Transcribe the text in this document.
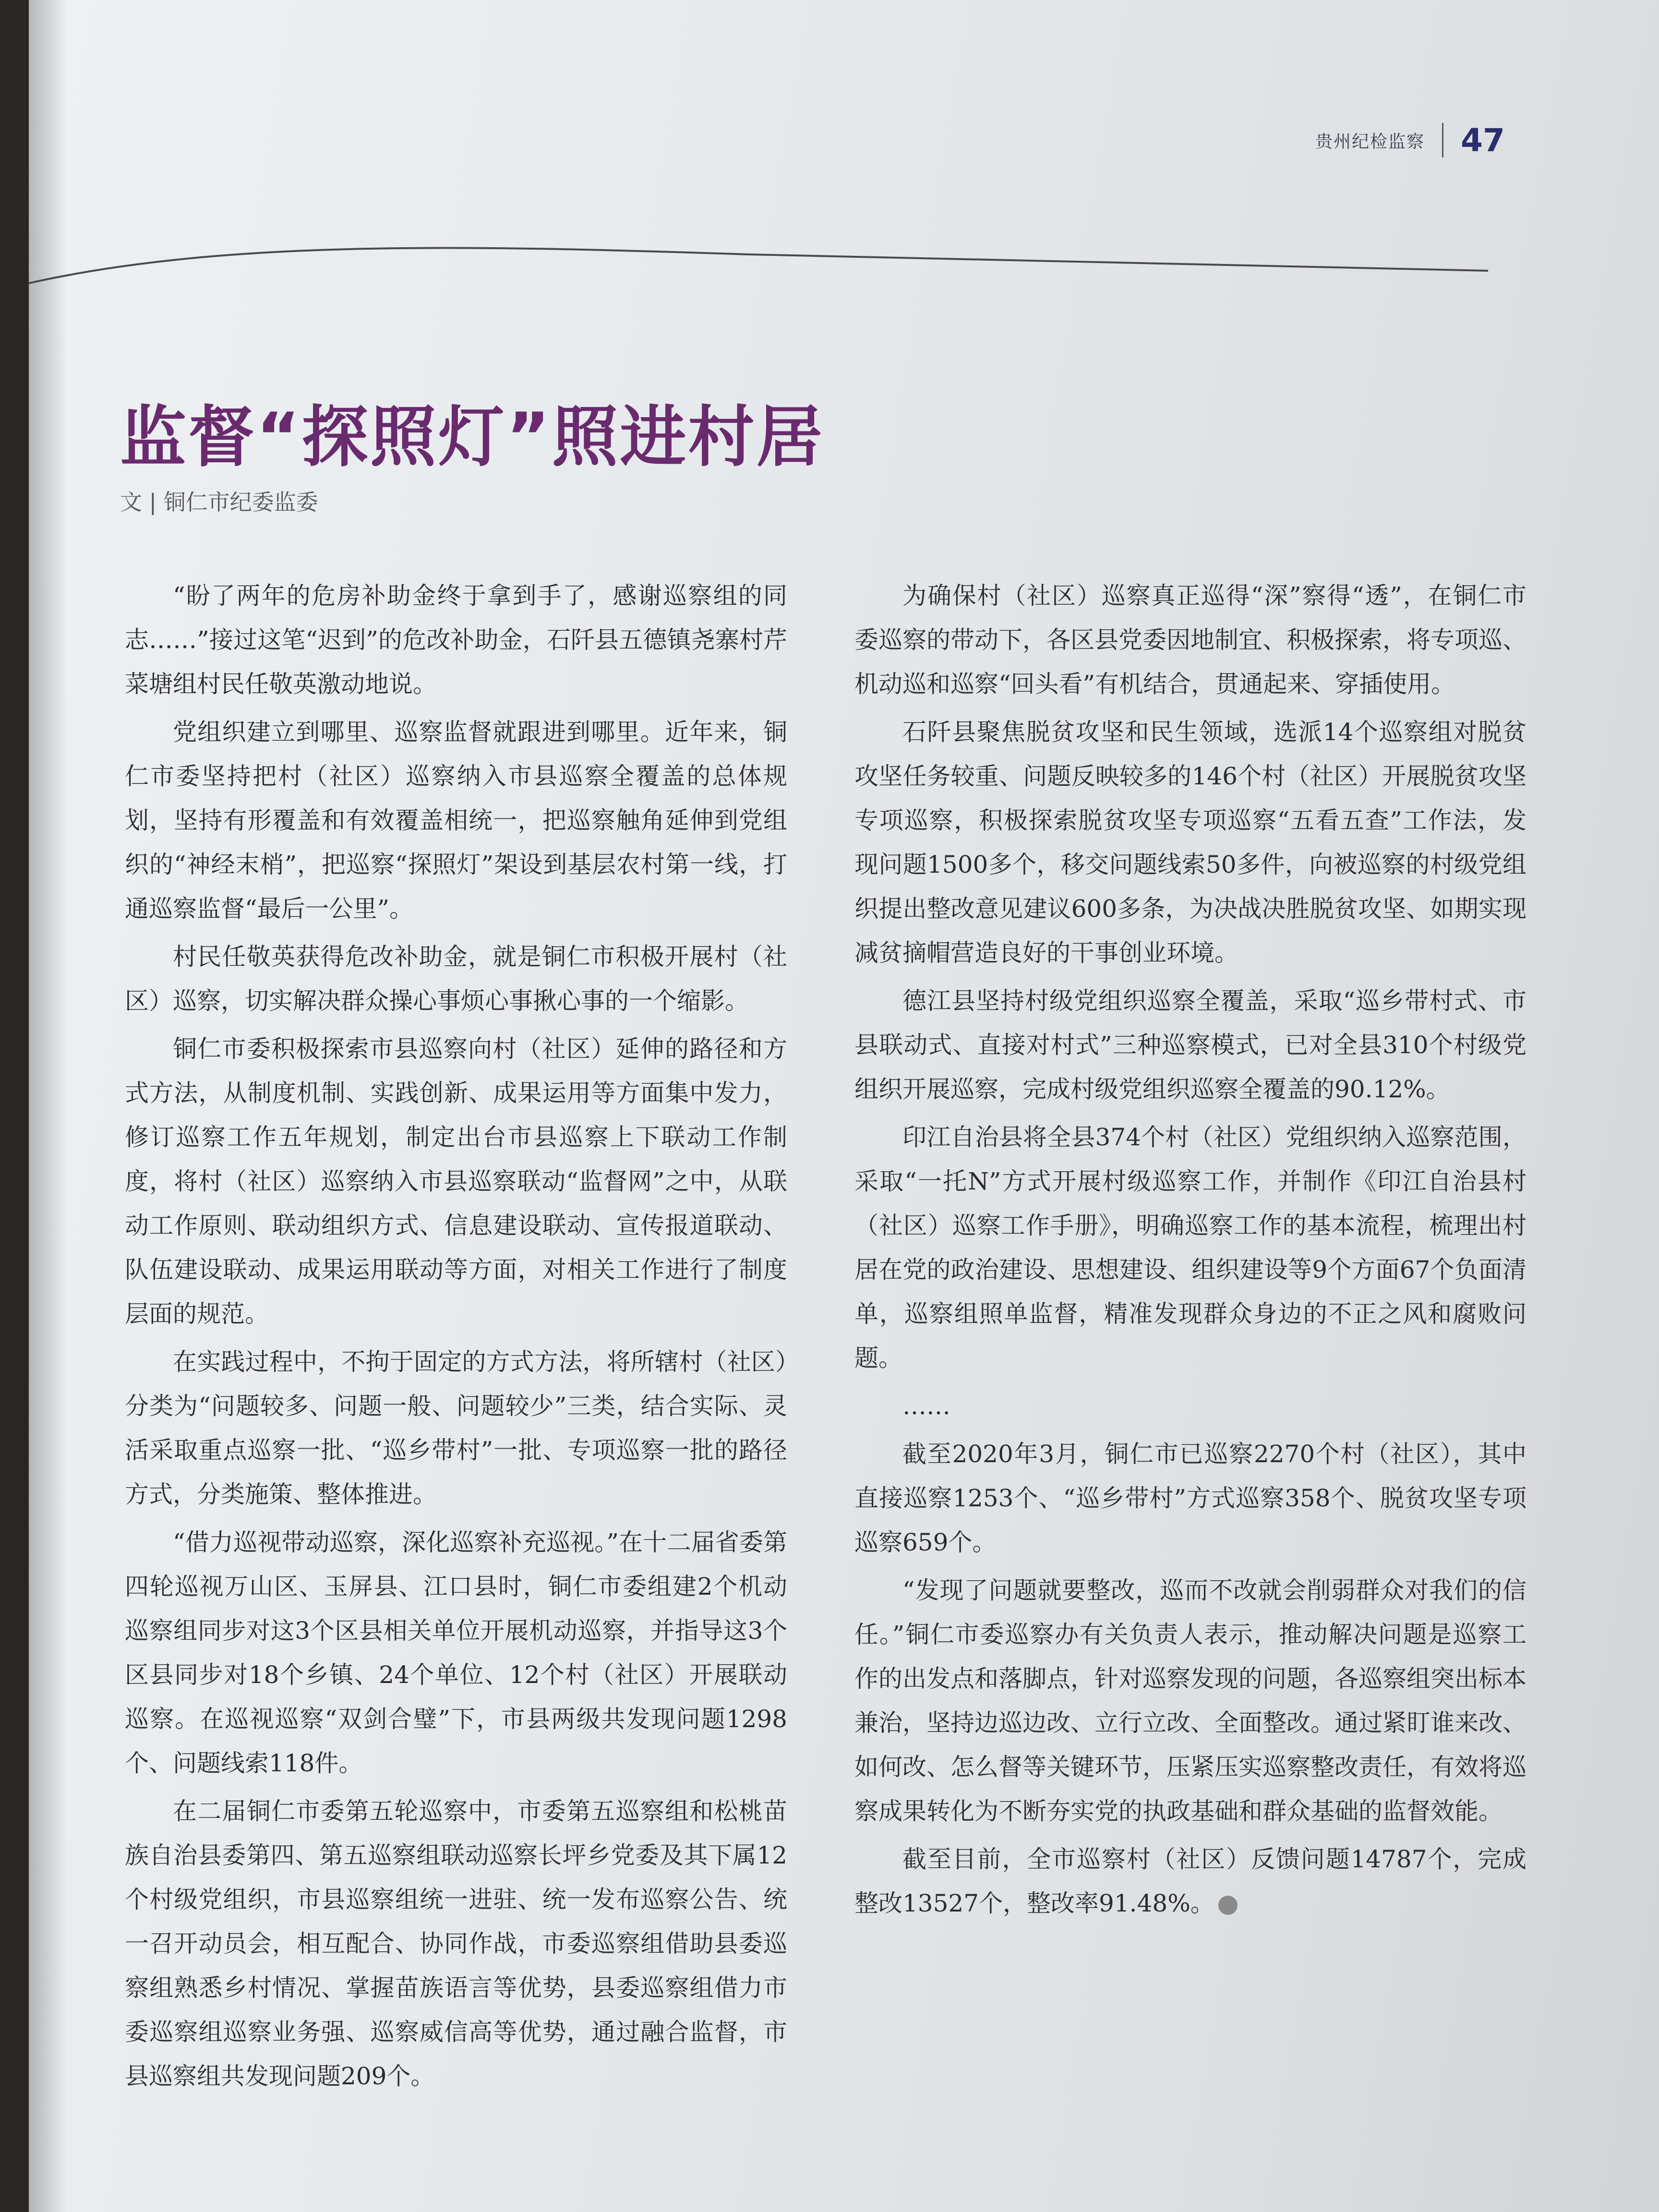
贵州纪检监察 47
监督“探照灯”照进村居
文 | 铜仁市纪委监委

“盼了两年的危房补助金终于拿到手了，感谢巡察组的同志……”接过这笔“迟到”的危改补助金，石阡县五德镇尧寨村芹菜塘组村民任敬英激动地说。

党组织建立到哪里、巡察监督就跟进到哪里。近年来，铜仁市委坚持把村（社区）巡察纳入市县巡察全覆盖的总体规划，坚持有形覆盖和有效覆盖相统一，把巡察触角延伸到党组织的“神经末梢”，把巡察“探照灯”架设到基层农村第一线，打通巡察监督“最后一公里”。

村民任敬英获得危改补助金，就是铜仁市积极开展村（社区）巡察，切实解决群众操心事烦心事揪心事的一个缩影。

铜仁市委积极探索市县巡察向村（社区）延伸的路径和方式方法，从制度机制、实践创新、成果运用等方面集中发力，修订巡察工作五年规划，制定出台市县巡察上下联动工作制度，将村（社区）巡察纳入市县巡察联动“监督网”之中，从联动工作原则、联动组织方式、信息建设联动、宣传报道联动、队伍建设联动、成果运用联动等方面，对相关工作进行了制度层面的规范。

在实践过程中，不拘于固定的方式方法，将所辖村（社区）分类为“问题较多、问题一般、问题较少”三类，结合实际、灵活采取重点巡察一批、“巡乡带村”一批、专项巡察一批的路径方式，分类施策、整体推进。

“借力巡视带动巡察，深化巡察补充巡视。”在十二届省委第四轮巡视万山区、玉屏县、江口县时，铜仁市委组建2个机动巡察组同步对这3个区县相关单位开展机动巡察，并指导这3个区县同步对18个乡镇、24个单位、12个村（社区）开展联动巡察。在巡视巡察“双剑合璧”下，市县两级共发现问题1298个、问题线索118件。

在二届铜仁市委第五轮巡察中，市委第五巡察组和松桃苗族自治县委第四、第五巡察组联动巡察长坪乡党委及其下属12个村级党组织，市县巡察组统一进驻、统一发布巡察公告、统一召开动员会，相互配合、协同作战，市委巡察组借助县委巡察组熟悉乡村情况、掌握苗族语言等优势，县委巡察组借力市委巡察组巡察业务强、巡察威信高等优势，通过融合监督，市县巡察组共发现问题209个。

为确保村（社区）巡察真正巡得“深”察得“透”，在铜仁市委巡察的带动下，各区县党委因地制宜、积极探索，将专项巡、机动巡和巡察“回头看”有机结合，贯通起来、穿插使用。

石阡县聚焦脱贫攻坚和民生领域，选派14个巡察组对脱贫攻坚任务较重、问题反映较多的146个村（社区）开展脱贫攻坚专项巡察，积极探索脱贫攻坚专项巡察“五看五查”工作法，发现问题1500多个，移交问题线索50多件，向被巡察的村级党组织提出整改意见建议600多条，为决战决胜脱贫攻坚、如期实现减贫摘帽营造良好的干事创业环境。

德江县坚持村级党组织巡察全覆盖，采取“巡乡带村式、市县联动式、直接对村式”三种巡察模式，已对全县310个村级党组织开展巡察，完成村级党组织巡察全覆盖的90.12%。

印江自治县将全县374个村（社区）党组织纳入巡察范围，采取“一托N”方式开展村级巡察工作，并制作《印江自治县村（社区）巡察工作手册》，明确巡察工作的基本流程，梳理出村居在党的政治建设、思想建设、组织建设等9个方面67个负面清单，巡察组照单监督，精准发现群众身边的不正之风和腐败问题。

……

截至2020年3月，铜仁市已巡察2270个村（社区），其中直接巡察1253个、“巡乡带村”方式巡察358个、脱贫攻坚专项巡察659个。

“发现了问题就要整改，巡而不改就会削弱群众对我们的信任。”铜仁市委巡察办有关负责人表示，推动解决问题是巡察工作的出发点和落脚点，针对巡察发现的问题，各巡察组突出标本兼治，坚持边巡边改、立行立改、全面整改。通过紧盯谁来改、如何改、怎么督等关键环节，压紧压实巡察整改责任，有效将巡察成果转化为不断夯实党的执政基础和群众基础的监督效能。

截至目前，全市巡察村（社区）反馈问题14787个，完成整改13527个，整改率91.48%。
